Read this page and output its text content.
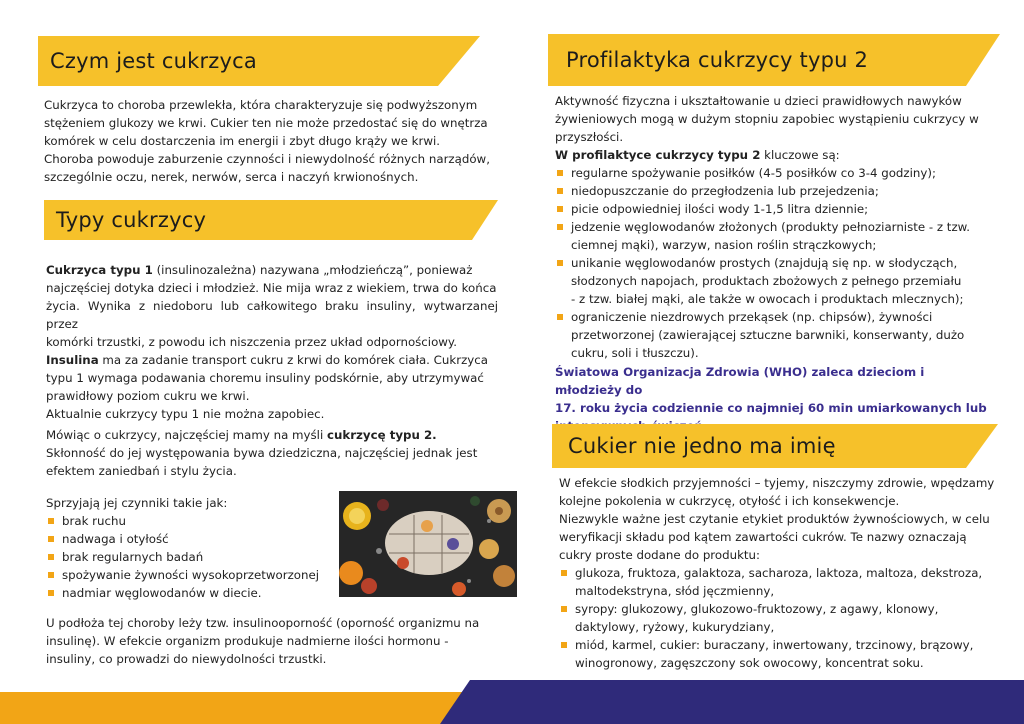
Czym jest cukrzyca

Cukrzyca to choroba przewlekła, która charakteryzuje się podwyższonym
stężeniem glukozy we krwi. Cukier ten nie może przedostać się do wnętrza
komórek w celu dostarczenia im energii i zbyt długo krąży we krwi.

Choroba powoduje zaburzenie czynności i niewydolność różnych narządów,
szczególnie oczu, nerek, nerwów, serca i naczyń krwionośnych.

Typy cukrzycy

Cukrzyca typu 1 (insulinozależna) nazywana „młodzieńczą”, ponieważ
najczęściej dotyka dzieci i młodzież. Nie mija wraz z wiekiem, trwa do końca
życia. Wynika z niedoboru lub całkowitego braku insuliny, wytwarzanej przez
komórki trzustki, z powodu ich niszczenia przez układ odpornościowy.

Insulina ma za zadanie transport cukru z krwi do komórek ciała. Cukrzyca
typu 1 wymaga podawania choremu insuliny podskórnie, aby utrzymywać
prawidłowy poziom cukru we krwi.

Aktualnie cukrzycy typu 1 nie można zapobiec.

Mówiąc o cukrzycy, najczęściej mamy na myśli cukrzycę typu 2.
Skłonność do jej występowania bywa dziedziczna, najczęściej jednak jest
efektem zaniedbań i stylu życia.

Sprzyjają jej czynniki takie jak:

brak ruchu
nadwaga i otyłość
brak regularnych badań
spożywanie żywności wysokoprzetworzonej
nadmiar węglowodanów w diecie.

U podłoża tej choroby leży tzw. insulinooporność (oporność organizmu na
insulinę). W efekcie organizm produkuje nadmierne ilości hormonu -
insuliny, co prowadzi do niewydolności trzustki.

Profilaktyka cukrzycy typu 2

Aktywność fizyczna i ukształtowanie u dzieci prawidłowych nawyków
żywieniowych mogą w dużym stopniu zapobiec wystąpieniu cukrzycy w
przyszłości.

W profilaktyce cukrzycy typu 2 kluczowe są:

regularne spożywanie posiłków (4-5 posiłków co 3-4 godziny);
niedopuszczanie do przegłodzenia lub przejedzenia;
picie odpowiedniej ilości wody 1-1,5 litra dziennie;
jedzenie węglowodanów złożonych (produkty pełnoziarniste - z tzw.
ciemnej mąki), warzyw, nasion roślin strączkowych;
unikanie węglowodanów prostych (znajdują się np. w słodycząch,
słodzonych napojach, produktach zbożowych z pełnego przemiału
- z tzw. białej mąki, ale także w owocach i produktach mlecznych);
ograniczenie niezdrowych przekąsek (np. chipsów), żywności
przetworzonej (zawierającej sztuczne barwniki, konserwanty, dużo
cukru, soli i tłuszczu).
Światowa Organizacja Zdrowia (WHO) zaleca dzieciom i młodzieży do
17. roku życia codziennie co najmniej 60 min umiarkowanych lub

Cukier nie jedno ma imię

W efekcie słodkich przyjemności – tyjemy, niszczymy zdrowie, wpędzamy
kolejne pokolenia w cukrzycę, otyłość i ich konsekwencje.
Niezwykle ważne jest czytanie etykiet produktów żywnościowych, w celu
weryfikacji składu pod kątem zawartości cukrów. Te nazwy oznaczają
cukry proste dodane do produktu:

glukoza, fruktoza, galaktoza, sacharoza, laktoza, maltoza, dekstroza,
maltodekstryna, słód jęczmienny,
syropy: glukozowy, glukozowo-fruktozowy, z agawy, klonowy,
daktylowy, ryżowy, kukurydziany,
miód, karmel, cukier: buraczany, inwertowany, trzcinowy, brązowy,
winogronowy, zagęszczony sok owocowy, koncentrat soku.
